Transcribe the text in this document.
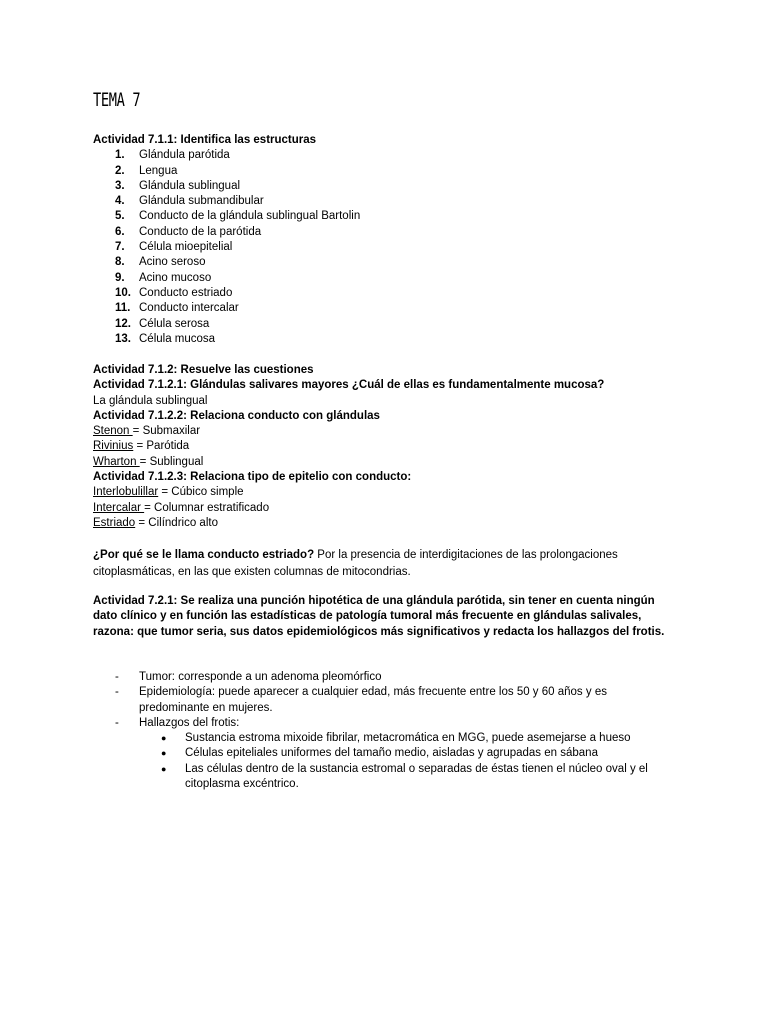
TEMA 7
Actividad 7.1.1: Identifica las estructuras
1.	Glándula parótida
2.	Lengua
3.	Glándula sublingual
4.	Glándula submandibular
5.	Conducto de la glándula sublingual Bartolin
6.	Conducto de la parótida
7.	Célula mioepitelial
8.	Acino seroso
9.	Acino mucoso
10. Conducto estriado
11. Conducto intercalar
12. Célula serosa
13. Célula mucosa
Actividad 7.1.2: Resuelve las cuestiones
Actividad 7.1.2.1: Glándulas salivares mayores ¿Cuál de ellas es fundamentalmente mucosa?
La glándula sublingual
Actividad 7.1.2.2: Relaciona conducto con glándulas
Stenon = Submaxilar
Rivinius = Parótida
Wharton = Sublingual
Actividad 7.1.2.3: Relaciona tipo de epitelio con conducto:
Interlobulillar = Cúbico simple
Intercalar = Columnar estratificado
Estriado = Cilíndrico alto
¿Por qué se le llama conducto estriado? Por la presencia de interdigitaciones de las prolongaciones citoplasmáticas, en las que existen columnas de mitocondrias.
Actividad 7.2.1: Se realiza una punción hipotética de una glándula parótida, sin tener en cuenta ningún dato clínico y en función las estadísticas de patología tumoral más frecuente en glándulas salivales, razona: que tumor seria, sus datos epidemiológicos más significativos y redacta los hallazgos del frotis.
-	Tumor: corresponde a un adenoma pleomórfico
-	Epidemiología: puede aparecer a cualquier edad, más frecuente entre los 50 y 60 años y es predominante en mujeres.
-	Hallazgos del frotis:
●	Sustancia estroma mixoide fibrilar, metacromática en MGG, puede asemejarse a hueso
●	Células epiteliales uniformes del tamaño medio, aisladas y agrupadas en sábana
●	Las células dentro de la sustancia estromal o separadas de éstas tienen el núcleo oval y el citoplasma excéntrico.
